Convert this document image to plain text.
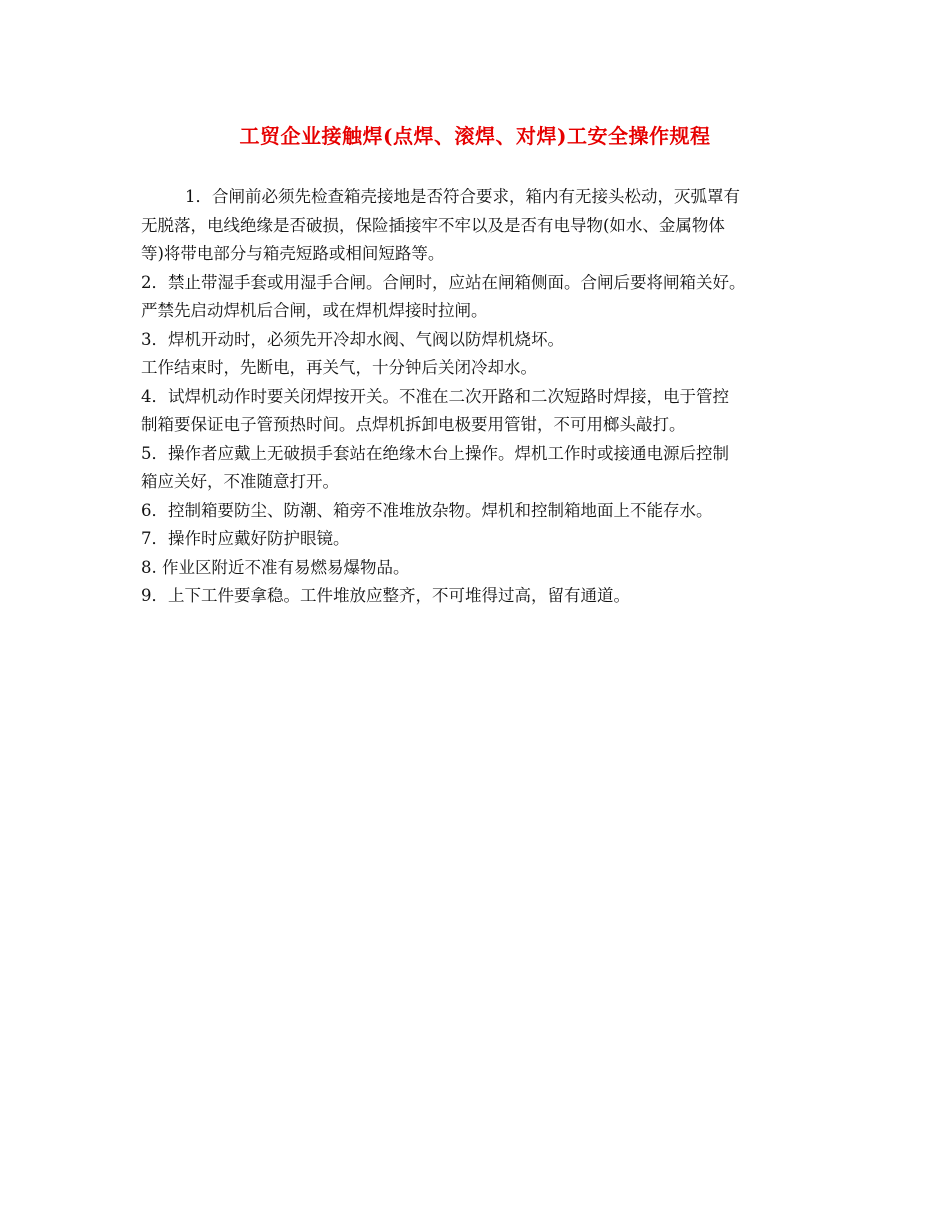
工贸企业接触焊(点焊、滚焊、对焊)工安全操作规程
1．合闸前必须先检查箱壳接地是否符合要求，箱内有无接头松动，灭弧罩有
无脱落，电线绝缘是否破损，保险插接牢不牢以及是否有电导物(如水、金属物体
等)将带电部分与箱壳短路或相间短路等。
2．禁止带湿手套或用湿手合闸。合闸时，应站在闸箱侧面。合闸后要将闸箱关好。
严禁先启动焊机后合闸，或在焊机焊接时拉闸。
3．焊机开动时，必须先开冷却水阀、气阀以防焊机烧坏。
工作结束时，先断电，再关气，十分钟后关闭冷却水。
4．试焊机动作时要关闭焊按开关。不准在二次开路和二次短路时焊接，电于管控
制箱要保证电子管预热时间。点焊机拆卸电极要用管钳，不可用榔头敲打。
5．操作者应戴上无破损手套站在绝缘木台上操作。焊机工作时或接通电源后控制
箱应关好，不准随意打开。
6．控制箱要防尘、防潮、箱旁不准堆放杂物。焊机和控制箱地面上不能存水。
7．操作时应戴好防护眼镜。
8. 作业区附近不准有易燃易爆物品。
9．上下工件要拿稳。工件堆放应整齐，不可堆得过高，留有通道。
